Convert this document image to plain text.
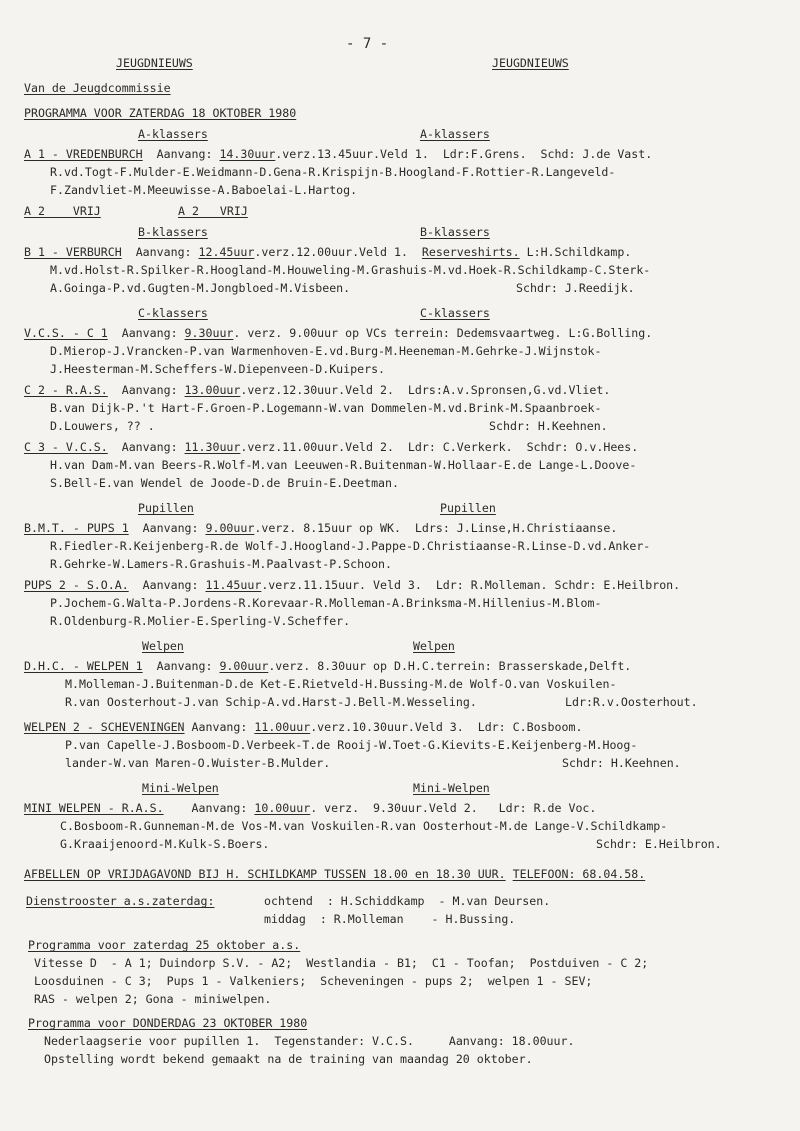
- 7 -
JEUGDNIEUWS	JEUGDNIEUWS
Van de Jeugdcommissie
PROGRAMMA VOOR ZATERDAG 18 OKTOBER 1980
A-klassers	A-klassers
A 1 - VREDENBURCH  Aanvang: 14.30uur.verz.13.45uur.Veld 1.  Ldr:F.Grens.  Schd: J.de Vast.
R.vd.Togt-F.Mulder-E.Weidmann-D.Gena-R.Krispijn-B.Hoogland-F.Rottier-R.Langeveld-
F.Zandvliet-M.Meeuwisse-A.Baboelai-L.Hartog.
A 2    VRIJ	A 2   VRIJ
B-klassers	B-klassers
B 1 - VERBURCH  Aanvang: 12.45uur.verz.12.00uur.Veld 1.  Reserveshirts. L:H.Schildkamp.
M.vd.Holst-R.Spilker-R.Hoogland-M.Houweling-M.Grashuis-M.vd.Hoek-R.Schildkamp-C.Sterk-
A.Goinga-P.vd.Gugten-M.Jongbloed-M.Visbeen.	Schdr: J.Reedijk.
C-klassers	C-klassers
V.C.S. - C 1  Aanvang: 9.30uur. verz. 9.00uur op VCs terrein: Dedemsvaartweg. L:G.Bolling.
D.Mierop-J.Vrancken-P.van Warmenhoven-E.vd.Burg-M.Heeneman-M.Gehrke-J.Wijnstok-
J.Heesterman-M.Scheffers-W.Diepenveen-D.Kuipers.
C 2 - R.A.S.  Aanvang: 13.00uur.verz.12.30uur.Veld 2.  Ldrs:A.v.Spronsen,G.vd.Vliet.
B.van Dijk-P.'t Hart-F.Groen-P.Logemann-W.van Dommelen-M.vd.Brink-M.Spaanbroek-
D.Louwers, ?? .	Schdr: H.Keehnen.
C 3 - V.C.S.  Aanvang: 11.30uur.verz.11.00uur.Veld 2.  Ldr: C.Verkerk.  Schdr: O.v.Hees.
H.van Dam-M.van Beers-R.Wolf-M.van Leeuwen-R.Buitenman-W.Hollaar-E.de Lange-L.Doove-
S.Bell-E.van Wendel de Joode-D.de Bruin-E.Deetman.
Pupillen	Pupillen
B.M.T. - PUPS 1  Aanvang: 9.00uur.verz. 8.15uur op WK.  Ldrs: J.Linse,H.Christiaanse.
R.Fiedler-R.Keijenberg-R.de Wolf-J.Hoogland-J.Pappe-D.Christiaanse-R.Linse-D.vd.Anker-
R.Gehrke-W.Lamers-R.Grashuis-M.Paalvast-P.Schoon.
PUPS 2 - S.O.A.  Aanvang: 11.45uur.verz.11.15uur. Veld 3.  Ldr: R.Molleman. Schdr: E.Heilbron.
P.Jochem-G.Walta-P.Jordens-R.Korevaar-R.Molleman-A.Brinksma-M.Hillenius-M.Blom-
R.Oldenburg-R.Molier-E.Sperling-V.Scheffer.
Welpen	Welpen
D.H.C. - WELPEN 1  Aanvang: 9.00uur.verz. 8.30uur op D.H.C.terrein: Brasserskade,Delft.
M.Molleman-J.Buitenman-D.de Ket-E.Rietveld-H.Bussing-M.de Wolf-O.van Voskuilen-
R.van Oosterhout-J.van Schip-A.vd.Harst-J.Bell-M.Wesseling.	Ldr:R.v.Oosterhout.
WELPEN 2 - SCHEVENINGEN Aanvang: 11.00uur.verz.10.30uur.Veld 3.  Ldr: C.Bosboom.
P.van Capelle-J.Bosboom-D.Verbeek-T.de Rooij-W.Toet-G.Kievits-E.Keijenberg-M.Hoog-
lander-W.van Maren-O.Wuister-B.Mulder.	Schdr: H.Keehnen.
Mini-Welpen	Mini-Welpen
MINI WELPEN - R.A.S.    Aanvang: 10.00uur. verz.  9.30uur.Veld 2.   Ldr: R.de Voc.
C.Bosboom-R.Gunneman-M.de Vos-M.van Voskuilen-R.van Oosterhout-M.de Lange-V.Schildkamp-
G.Kraaijenoord-M.Kulk-S.Boers.	Schdr: E.Heilbron.
AFBELLEN OP VRIJDAGAVOND BIJ H. SCHILDKAMP TUSSEN 18.00 en 18.30 UUR. TELEFOON: 68.04.58.
Dienstrooster a.s.zaterdag:	ochtend  : H.Schiddkamp  - M.van Deursen.
middag  : R.Molleman    - H.Bussing.
Programma voor zaterdag 25 oktober a.s.
Vitesse D  - A 1; Duindorp S.V. - A2;  Westlandia - B1;  C1 - Toofan;  Postduiven - C 2;
Loosduinen - C 3;  Pups 1 - Valkeniers;  Scheveningen - pups 2;  welpen 1 - SEV;
RAS - welpen 2; Gona - miniwelpen.
Programma voor DONDERDAG 23 OKTOBER 1980
Nederlaagserie voor pupillen 1.  Tegenstander: V.C.S.     Aanvang: 18.00uur.
Opstelling wordt bekend gemaakt na de training van maandag 20 oktober.
